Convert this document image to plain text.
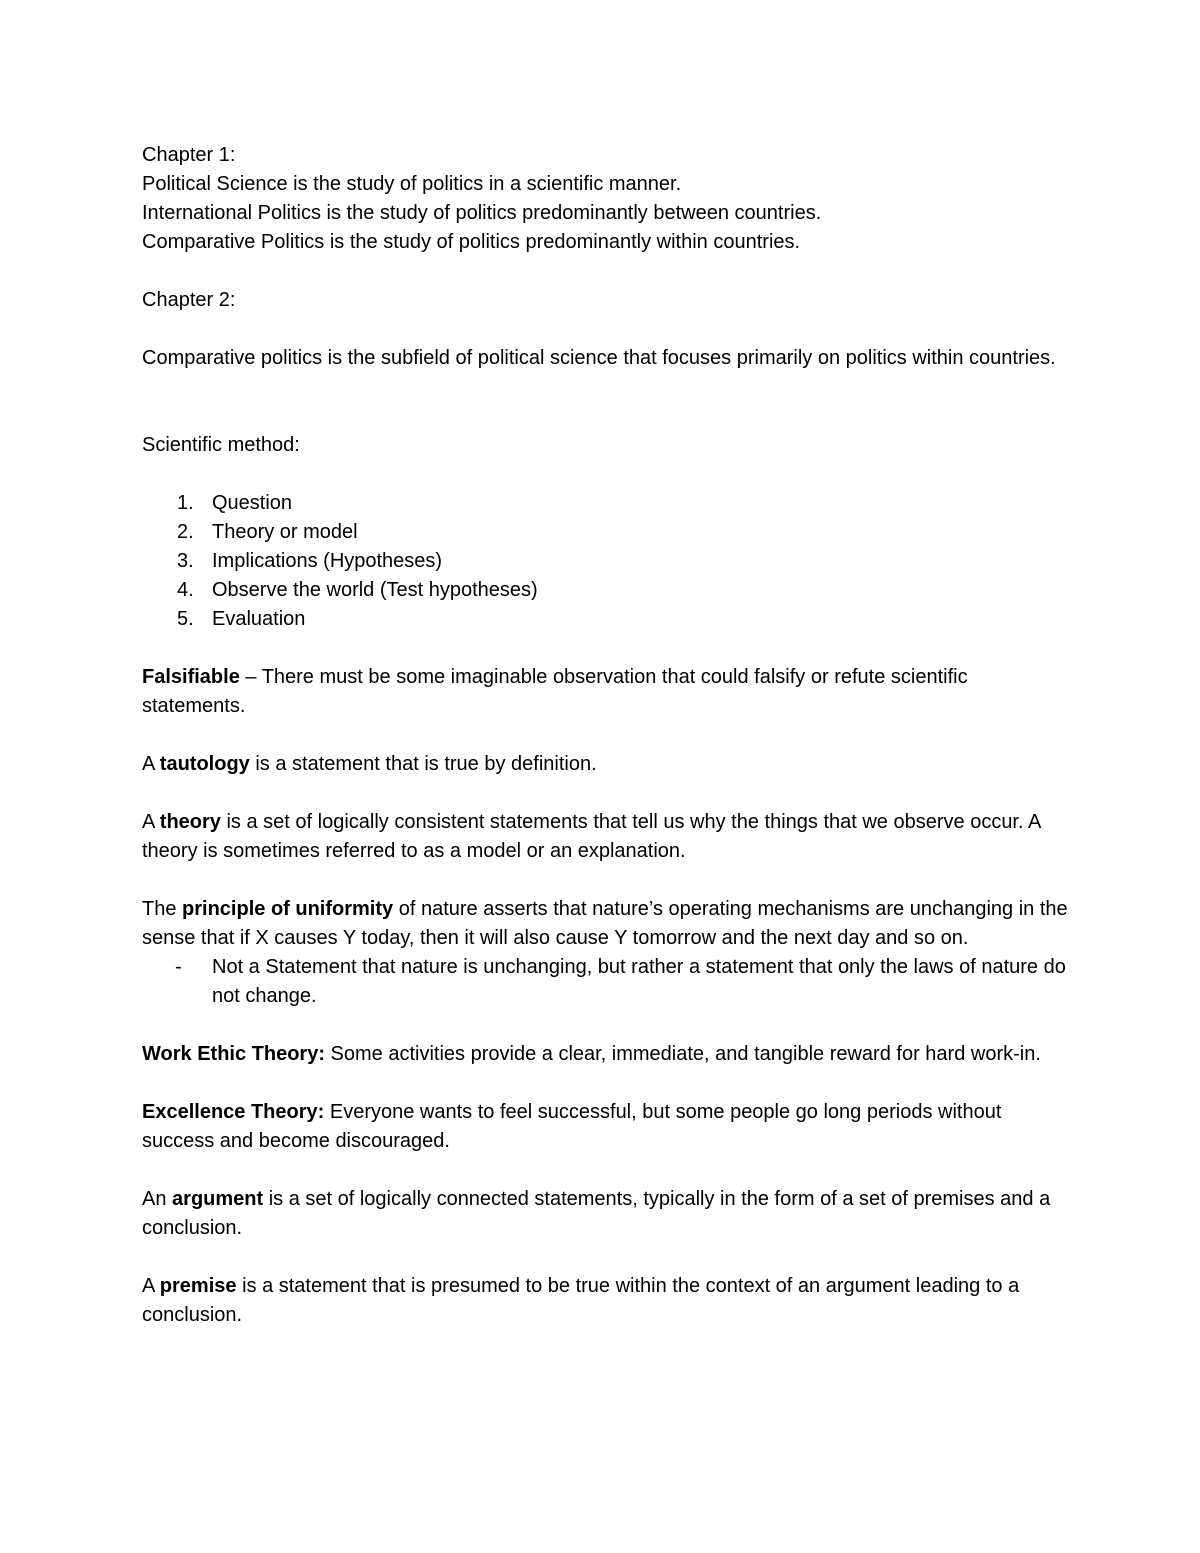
Chapter 1:
Political Science is the study of politics in a scientific manner.
International Politics is the study of politics predominantly between countries.
Comparative Politics is the study of politics predominantly within countries.
Chapter 2:
Comparative politics is the subfield of political science that focuses primarily on politics within countries.
Scientific method:
1. Question
2. Theory or model
3. Implications (Hypotheses)
4. Observe the world (Test hypotheses)
5. Evaluation
Falsifiable – There must be some imaginable observation that could falsify or refute scientific statements.
A tautology is a statement that is true by definition.
A theory is a set of logically consistent statements that tell us why the things that we observe occur. A theory is sometimes referred to as a model or an explanation.
The principle of uniformity of nature asserts that nature’s operating mechanisms are unchanging in the sense that if X causes Y today, then it will also cause Y tomorrow and the next day and so on.
- Not a Statement that nature is unchanging, but rather a statement that only the laws of nature do not change.
Work Ethic Theory: Some activities provide a clear, immediate, and tangible reward for hard work-in.
Excellence Theory: Everyone wants to feel successful, but some people go long periods without success and become discouraged.
An argument is a set of logically connected statements, typically in the form of a set of premises and a conclusion.
A premise is a statement that is presumed to be true within the context of an argument leading to a conclusion.
